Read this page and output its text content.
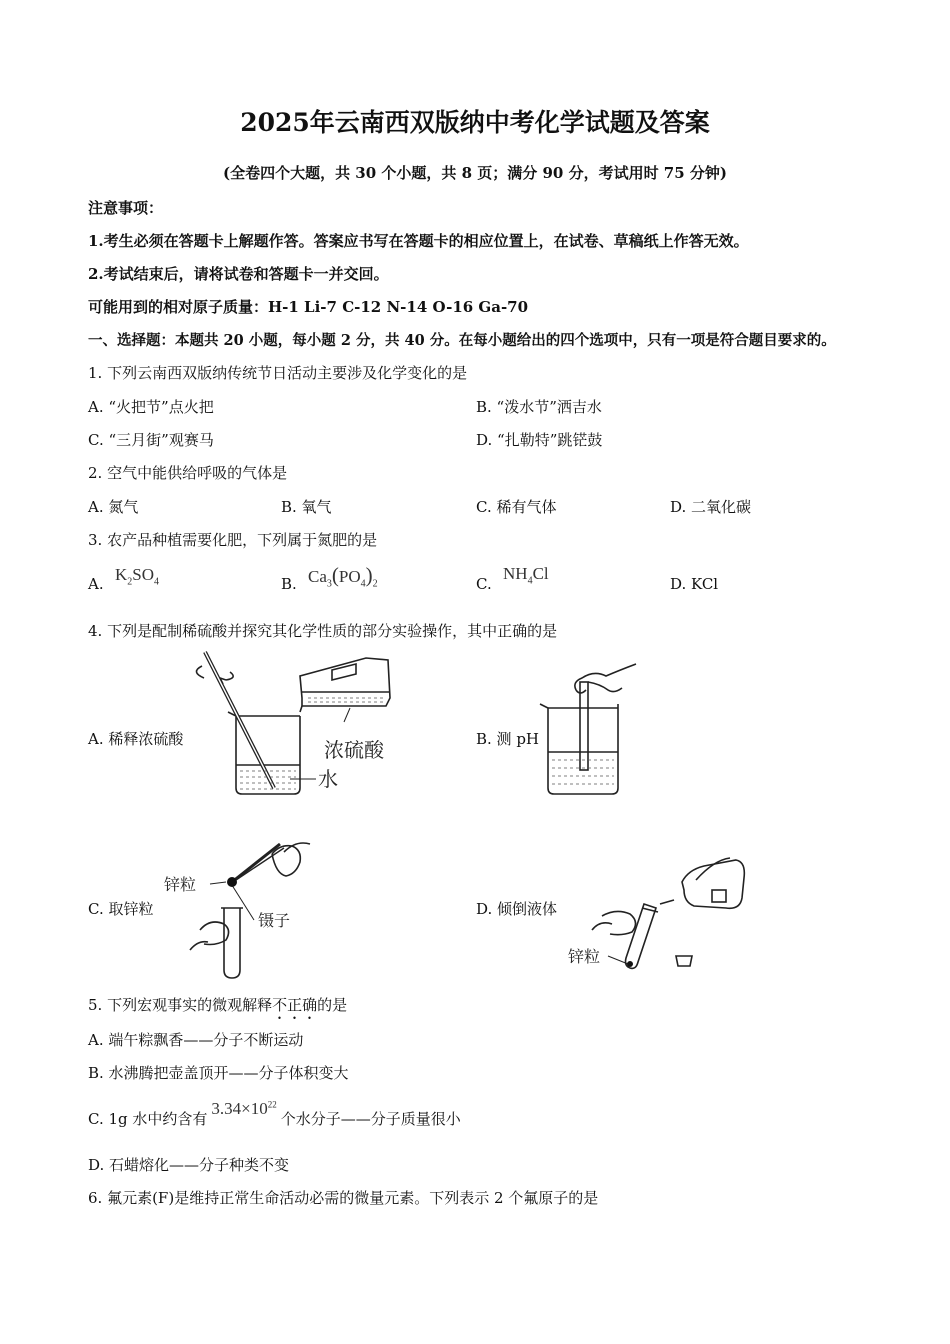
2025年云南西双版纳中考化学试题及答案
(全卷四个大题，共 30 个小题，共 8 页；满分 90 分，考试用时 75 分钟)
注意事项：
1.考生必须在答题卡上解题作答。答案应书写在答题卡的相应位置上，在试卷、草稿纸上作答无效。
2.考试结束后，请将试卷和答题卡一并交回。
可能用到的相对原子质量：H-1 Li-7 C-12 N-14 O-16 Ga-70
一、选择题：本题共 20 小题，每小题 2 分，共 40 分。在每小题给出的四个选项中，只有一项是符合题目要求的。
1. 下列云南西双版纳传统节日活动主要涉及化学变化的是
A. “火把节”点火把	B. “泼水节”洒吉水
C. “三月街”观赛马	D. “扎勒特”跳铓鼓
2. 空气中能供给呼吸的气体是
A. 氮气	B. 氧气	C. 稀有气体	D. 二氧化碳
3. 农产品种植需要化肥，下列属于氮肥的是
A. $K_2SO_4$	B. $Ca_3(PO_4)_2$	C.
$NH_4Cl$
D. KCl
4. 下列是配制稀硫酸并探究其化学性质的部分实验操作，其中正确的是
A. 稀释浓硫酸	B. 测 pH
C. 取锌粒	D. 倾倒液体
浓硫酸
水
锌粒
镊子
锌粒
5. 下列宏观事实的微观解释不正确的是
A. 端午粽飘香——分子不断运动
B. 水沸腾把壶盖顶开——分子体积变大
C. 1g 水中约含有$3.34\times 10^{22}$个水分子——分子质量很小
D. 石蜡熔化——分子种类不变
6. 氟元素(F)是维持正常生命活动必需的微量元素。下列表示 2 个氟原子的是
